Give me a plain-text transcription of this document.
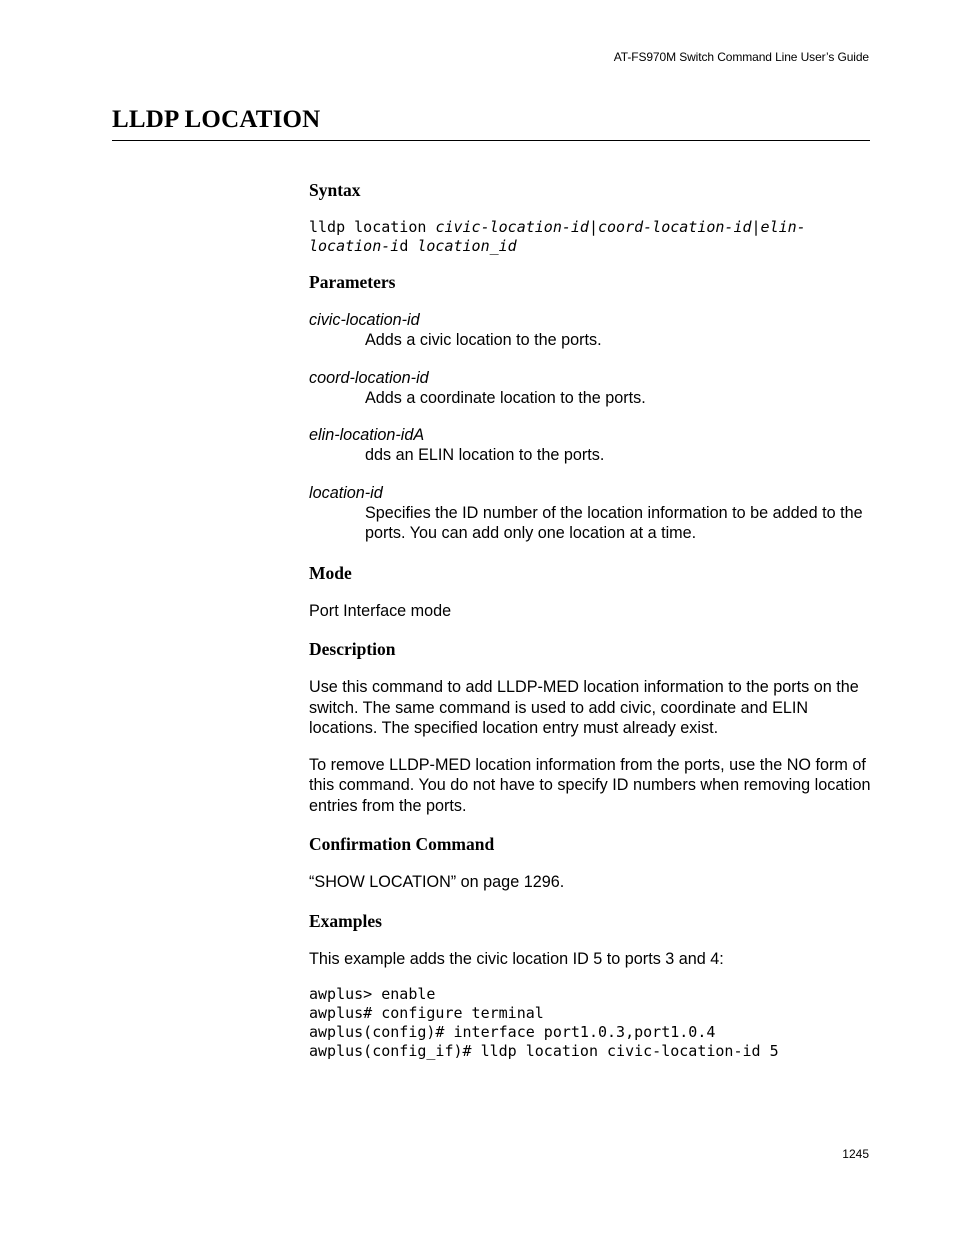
AT-FS970M Switch Command Line User’s Guide
LLDP LOCATION
Syntax
lldp location civic-location-id|coord-location-id|elin-
location-id location_id
Parameters
civic-location-id
Adds a civic location to the ports.
coord-location-id
Adds a coordinate location to the ports.
elin-location-idA
dds an ELIN location to the ports.
location-id
Specifies the ID number of the location information to be added to the ports. You can add only one location at a time.
Mode

Port Interface mode

Description

Use this command to add LLDP-MED location information to the ports on the switch. The same command is used to add civic, coordinate and ELIN locations. The specified location entry must already exist.

To remove LLDP-MED location information from the ports, use the NO form of this command. You do not have to specify ID numbers when removing location entries from the ports.

Confirmation Command

“SHOW LOCATION” on page 1296.

Examples

This example adds the civic location ID 5 to ports 3 and 4:

awplus> enable
awplus# configure terminal
awplus(config)# interface port1.0.3,port1.0.4
awplus(config_if)# lldp location civic-location-id 5
1245
